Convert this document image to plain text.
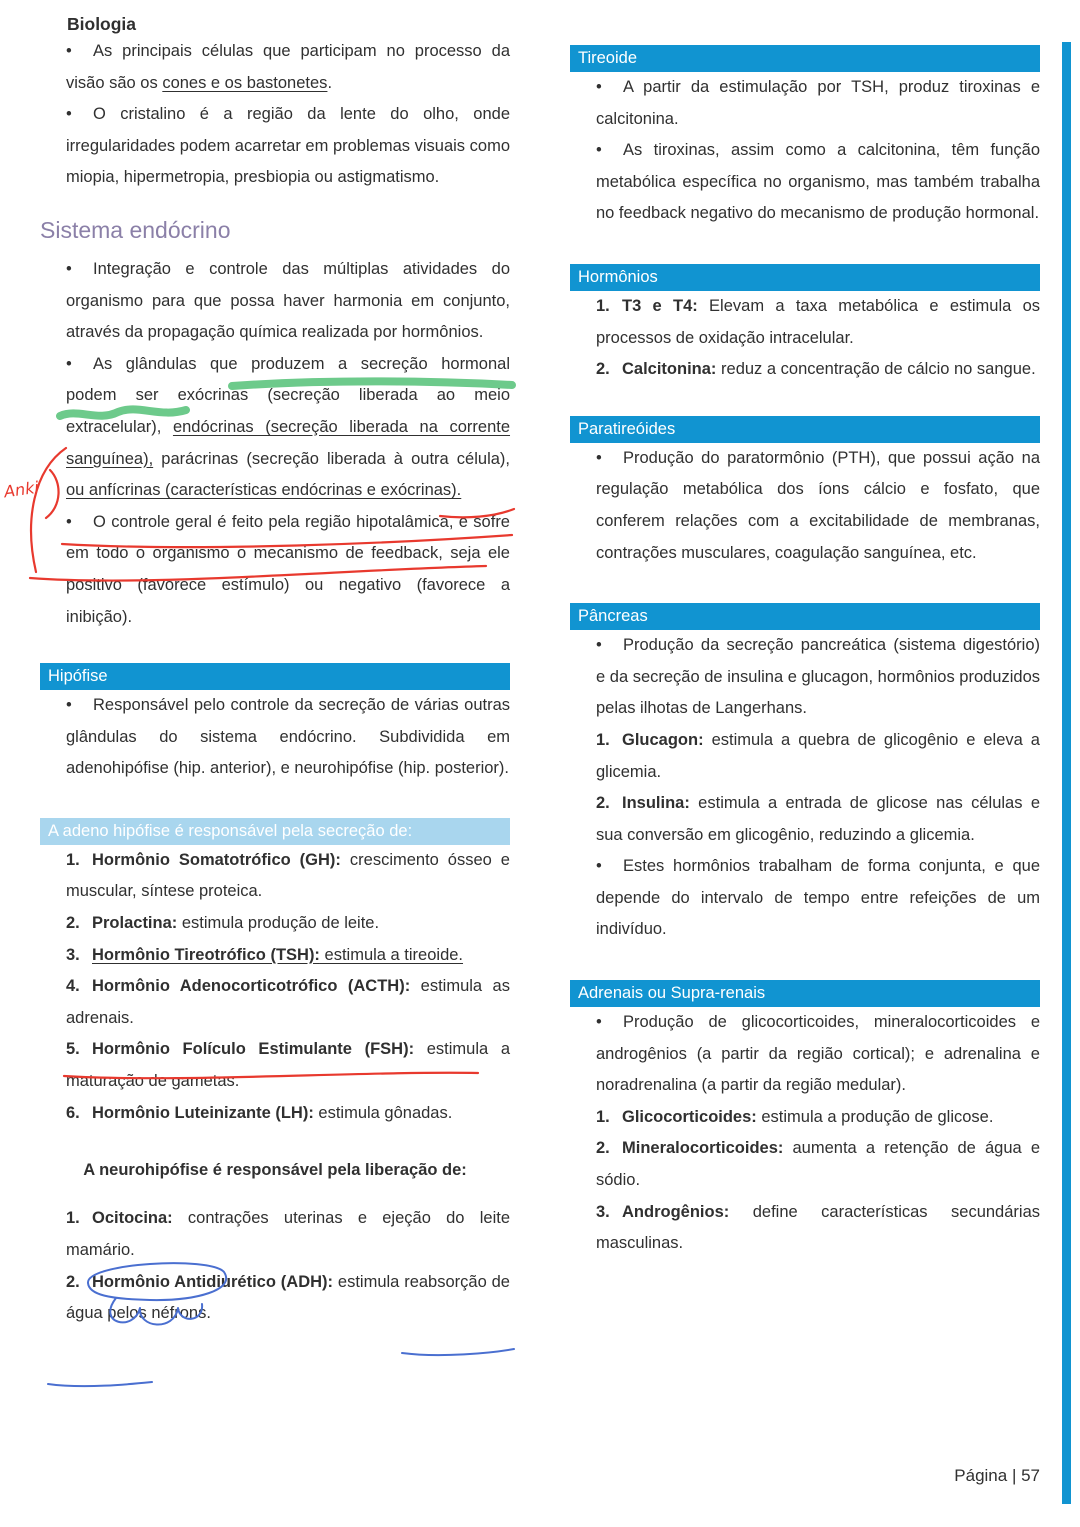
Biologia

• As principais células que participam no processo da visão são os cones e os bastonetes.

• O cristalino é a região da lente do olho, onde irregularidades podem acarretar em problemas visuais como miopia, hipermetropia, presbiopia ou astigmatismo.

Sistema endócrino

• Integração e controle das múltiplas atividades do organismo para que possa haver harmonia em conjunto, através da propagação química realizada por hormônios.

• As glândulas que produzem a secreção hormonal podem ser exócrinas (secreção liberada ao meio extracelular), endócrinas (secreção liberada na corrente sanguínea), parácrinas (secreção liberada à outra célula), ou anfícrinas (características endócrinas e exócrinas).

• O controle geral é feito pela região hipotalâmica, e sofre em todo o organismo o mecanismo de feedback, seja ele positivo (favorece estímulo) ou negativo (favorece a inibição).

Hipófise

• Responsável pelo controle da secreção de várias outras glândulas do sistema endócrino. Subdividida em adenohipófise (hip. anterior), e neurohipófise (hip. posterior).

A adeno hipófise é responsável pela secreção de:

1. Hormônio Somatotrófico (GH): crescimento ósseo e muscular, síntese proteica.

2. Prolactina: estimula produção de leite.

3. Hormônio Tireotrófico (TSH): estimula a tireoide.

4. Hormônio Adenocorticotrófico (ACTH): estimula as adrenais.

5. Hormônio Folículo Estimulante (FSH): estimula a maturação de gametas.

6. Hormônio Luteinizante (LH): estimula gônadas.

A neurohipófise é responsável pela liberação de:

1. Ocitocina: contrações uterinas e ejeção do leite mamário.

2. Hormônio Antidiurético (ADH): estimula reabsorção de água pelos néfrons.

Tireoide

• A partir da estimulação por TSH, produz tiroxinas e calcitonina.

• As tiroxinas, assim como a calcitonina, têm função metabólica específica no organismo, mas também trabalha no feedback negativo do mecanismo de produção hormonal.

Hormônios

1. T3 e T4: Elevam a taxa metabólica e estimula os processos de oxidação intracelular.

2. Calcitonina: reduz a concentração de cálcio no sangue.

Paratireóides

• Produção do paratormônio (PTH), que possui ação na regulação metabólica dos íons cálcio e fosfato, que conferem relações com a excitabilidade de membranas, contrações musculares, coagulação sanguínea, etc.

Pâncreas

• Produção da secreção pancreática (sistema digestório) e da secreção de insulina e glucagon, hormônios produzidos pelas ilhotas de Langerhans.

1. Glucagon: estimula a quebra de glicogênio e eleva a glicemia.

2. Insulina: estimula a entrada de glicose nas células e sua conversão em glicogênio, reduzindo a glicemia.

• Estes hormônios trabalham de forma conjunta, e que depende do intervalo de tempo entre refeições de um indivíduo.

Adrenais ou Supra-renais

• Produção de glicocorticoides, mineralocorticoides e androgênios (a partir da região cortical); e adrenalina e noradrenalina (a partir da região medular).

1. Glicocorticoides: estimula a produção de glicose.

2. Mineralocorticoides: aumenta a retenção de água e sódio.

3. Androgênios: define características secundárias masculinas.

Página | 57
Anki
